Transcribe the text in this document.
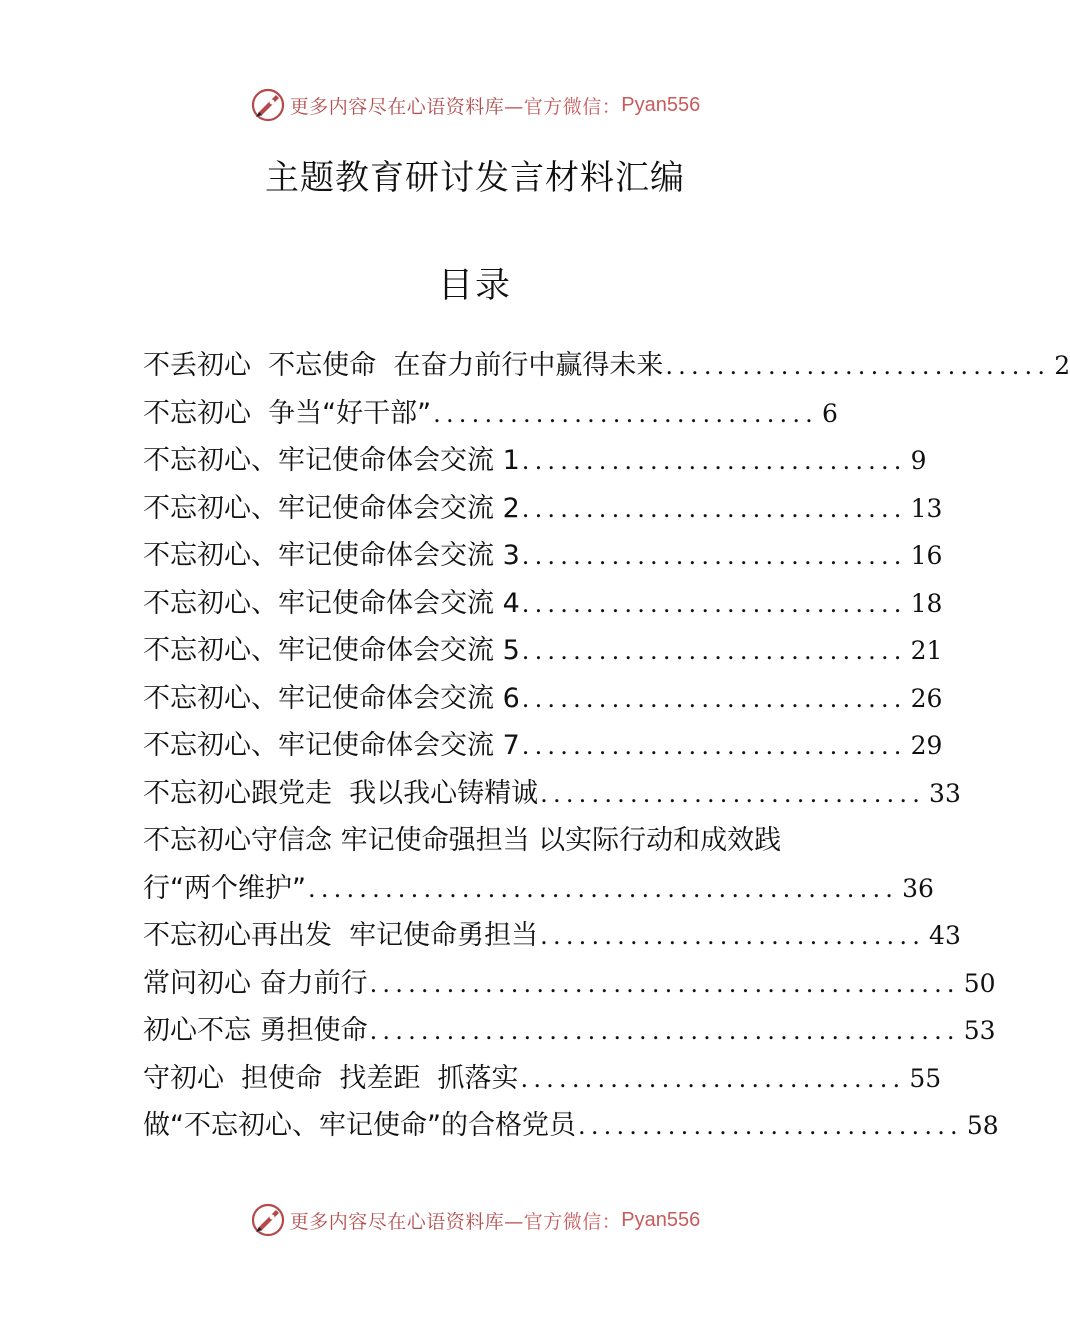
更多内容尽在心语资料库— 官方微信： Pyan556
主题教育研讨发言材料汇编
目录
不丢初心  不忘使命  在奋力前行中赢得未来 .............................. 2
不忘初心  争当“好干部” .............................. 6
不忘初心、牢记使命体会交流 1 .............................. 9
不忘初心、牢记使命体会交流 2 .............................. 13
不忘初心、牢记使命体会交流 3 .............................. 16
不忘初心、牢记使命体会交流 4 .............................. 18
不忘初心、牢记使命体会交流 5 .............................. 21
不忘初心、牢记使命体会交流 6 .............................. 26
不忘初心、牢记使命体会交流 7 .............................. 29
不忘初心跟党走  我以我心铸精诚 .............................. 33
不忘初心守信念 牢记使命强担当 以实际行动和成效践
行“两个维护” .............................................. 36
不忘初心再出发  牢记使命勇担当 .............................. 43
常问初心 奋力前行 .............................................. 50
初心不忘 勇担使命 .............................................. 53
守初心  担使命  找差距  抓落实 .............................. 55
做“不忘初心、牢记使命”的合格党员 .............................. 58
更多内容尽在心语资料库— 官方微信： Pyan556
